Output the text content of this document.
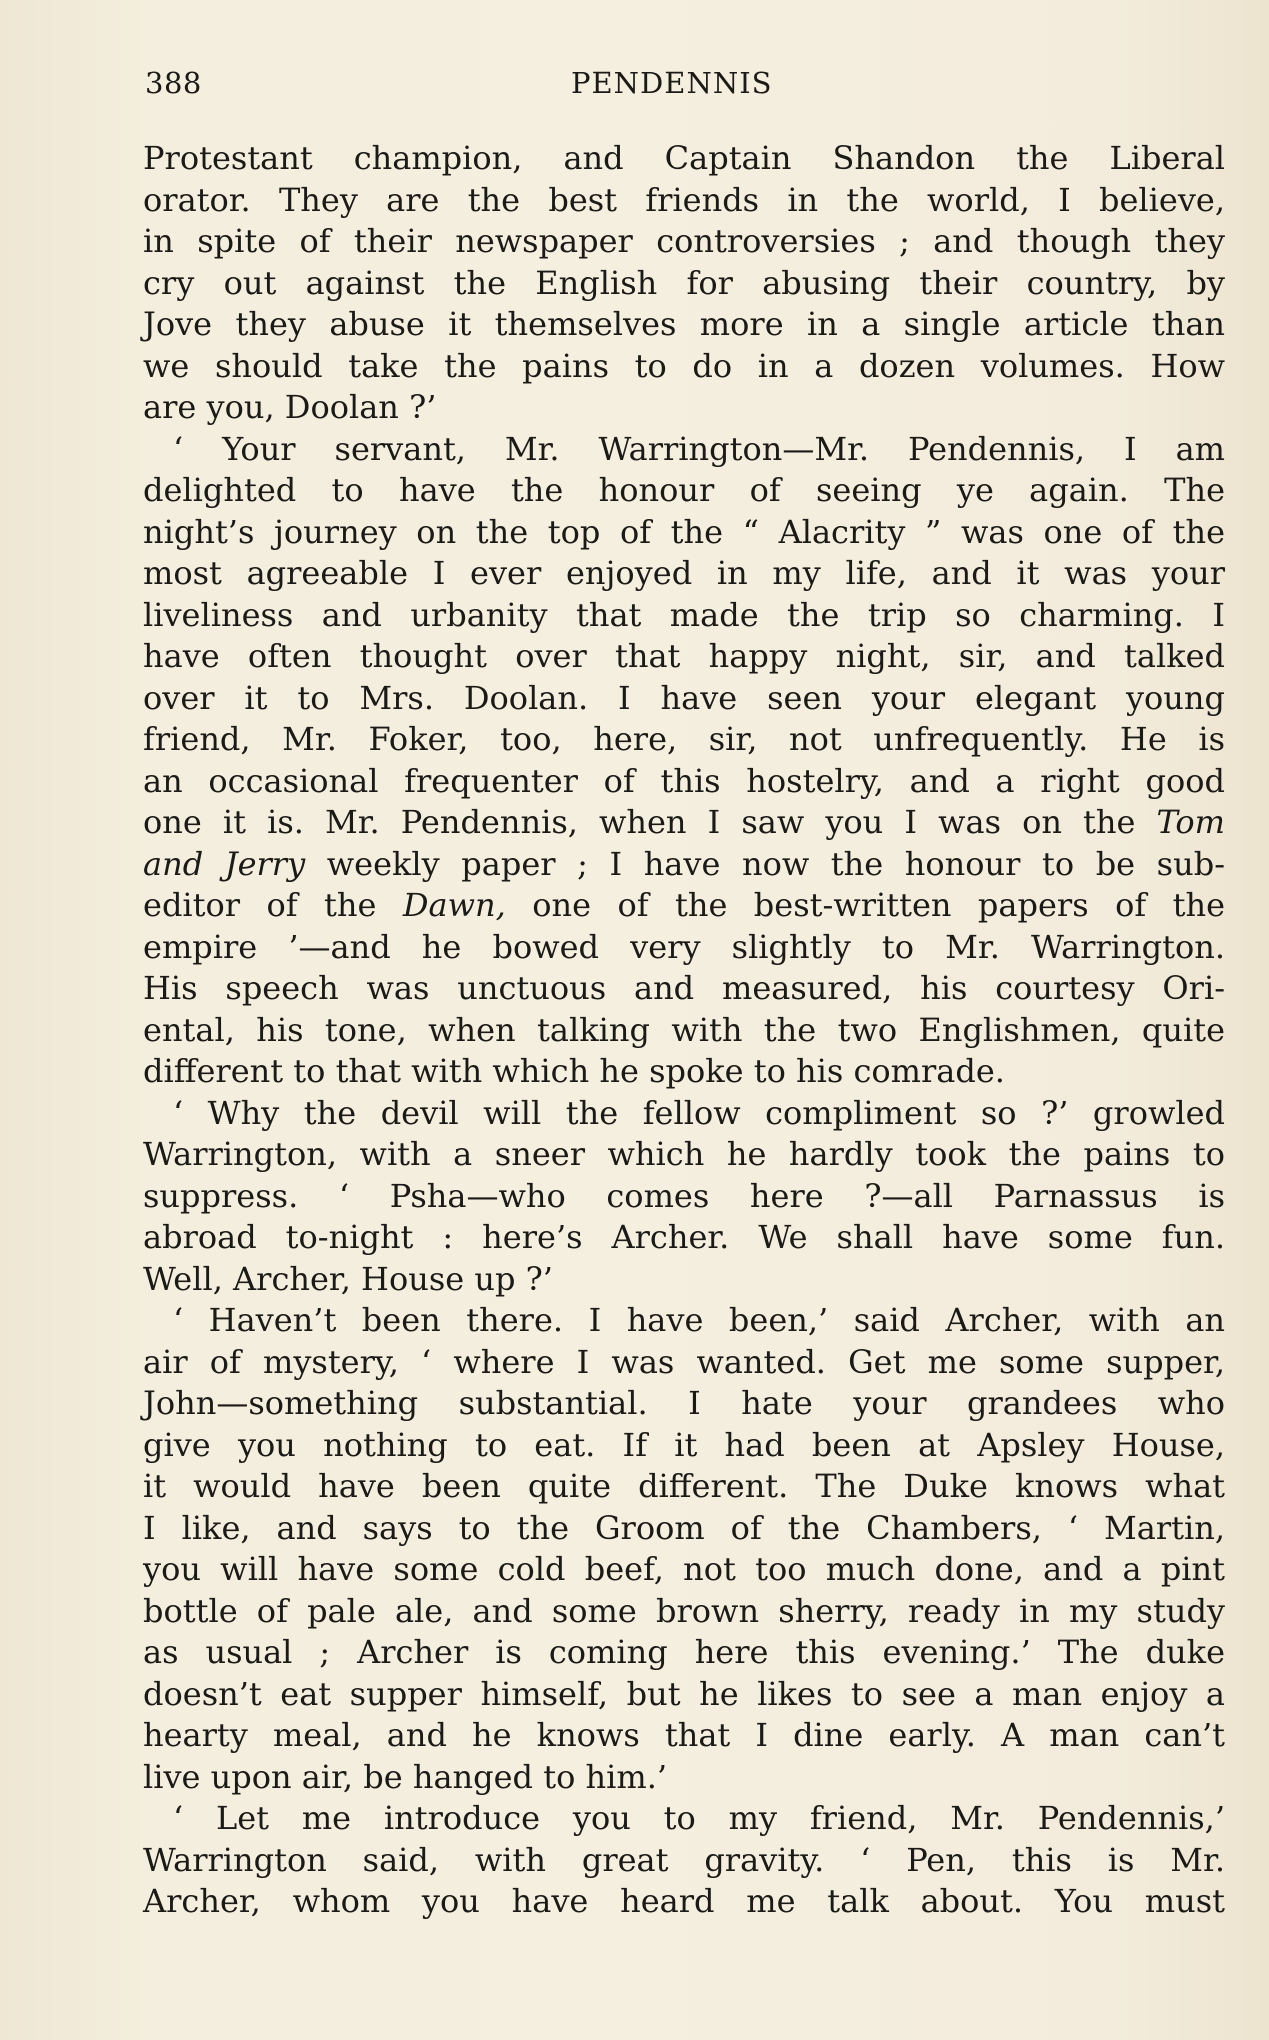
388	PENDENNIS
Protestant champion, and Captain Shandon the Liberal
orator. They are the best friends in the world, I believe,
in spite of their newspaper controversies ; and though they
cry out against the English for abusing their country, by
Jove they abuse it themselves more in a single article than
we should take the pains to do in a dozen volumes. How
are you, Doolan ?’
‘ Your servant, Mr. Warrington—Mr. Pendennis, I am
delighted to have the honour of seeing ye again. The
night’s journey on the top of the “ Alacrity ” was one of the
most agreeable I ever enjoyed in my life, and it was your
liveliness and urbanity that made the trip so charming. I
have often thought over that happy night, sir, and talked
over it to Mrs. Doolan. I have seen your elegant young
friend, Mr. Foker, too, here, sir, not unfrequently. He is
an occasional frequenter of this hostelry, and a right good
one it is. Mr. Pendennis, when I saw you I was on the Tom
and Jerry weekly paper ; I have now the honour to be sub-
editor of the Dawn, one of the best-written papers of the
empire ’—and he bowed very slightly to Mr. Warrington.
His speech was unctuous and measured, his courtesy Ori-
ental, his tone, when talking with the two Englishmen, quite
different to that with which he spoke to his comrade.
‘ Why the devil will the fellow compliment so ?’ growled
Warrington, with a sneer which he hardly took the pains to
suppress. ‘ Psha—who comes here ?—all Parnassus is
abroad to-night : here’s Archer. We shall have some fun.
Well, Archer, House up ?’
‘ Haven’t been there. I have been,’ said Archer, with an
air of mystery, ‘ where I was wanted. Get me some supper,
John—something substantial. I hate your grandees who
give you nothing to eat. If it had been at Apsley House,
it would have been quite different. The Duke knows what
I like, and says to the Groom of the Chambers, ‘ Martin,
you will have some cold beef, not too much done, and a pint
bottle of pale ale, and some brown sherry, ready in my study
as usual ; Archer is coming here this evening.’ The duke
doesn’t eat supper himself, but he likes to see a man enjoy a
hearty meal, and he knows that I dine early. A man can’t
live upon air, be hanged to him.’
‘ Let me introduce you to my friend, Mr. Pendennis,’
Warrington said, with great gravity. ‘ Pen, this is Mr.
Archer, whom you have heard me talk about. You must
